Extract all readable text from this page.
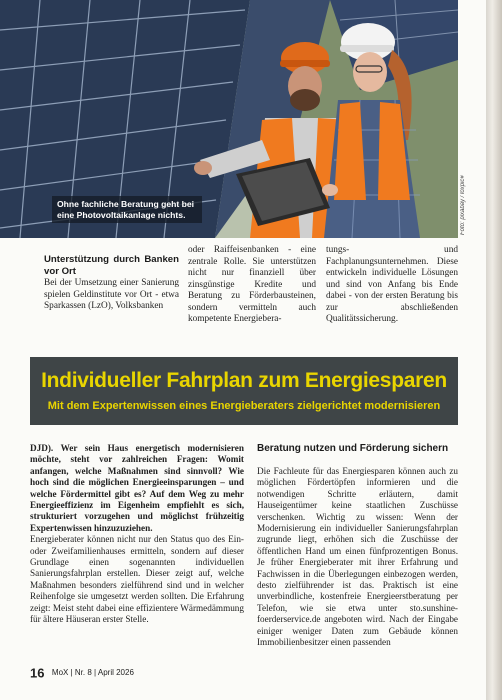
Ohne fachliche Beratung geht bei eine Photovoltaikanlage nichts.	Foto: pixabay / loxpic#
Unterstützung durch Banken vor Ort

Bei der Umsetzung einer Sanierung spielen Geldinstitute vor Ort - etwa Sparkassen (LzO), Volksbanken

oder Raiffeisenbanken - eine zentrale Rolle. Sie unterstützen nicht nur finanziell über zinsgünstige Kredite und Beratung zu Förderbausteinen, sondern vermitteln auch kompetente Energiebera-

tungs- und Fachplanungsunternehmen. Diese entwickeln individuelle Lösungen und sind von Anfang bis Ende dabei - von der ersten Beratung bis zur abschließenden Qualitätssicherung.

Individueller Fahrplan zum Energiesparen
Mit dem Expertenwissen eines Energieberaters zielgerichtet modernisieren

DJD). Wer sein Haus energetisch modernisieren möchte, steht vor zahlreichen Fragen: Womit anfangen, welche Maßnahmen sind sinnvoll? Wie hoch sind die möglichen Energieeinsparungen – und welche Fördermittel gibt es? Auf dem Weg zu mehr Energieeffizienz im Eigenheim empfiehlt es sich, strukturiert vorzugehen und möglichst frühzeitig Expertenwissen hinzuzuziehen.

Energieberater können nicht nur den Status quo des Ein- oder Zweifamilienhauses ermitteln, sondern auf dieser Grundlage einen sogenannten individuellen Sanierungsfahrplan erstellen. Dieser zeigt auf, welche Maßnahmen besonders zielführend sind und in welcher Reihenfolge sie umgesetzt werden sollten. Die Erfahrung zeigt: Meist steht dabei eine effizientere Wärmedämmung für ältere Häuseran erster Stelle.

Beratung nutzen und Förderung sichern

Die Fachleute für das Energiesparen können auch zu möglichen Fördertöpfen informieren und die notwendigen Schritte erläutern, damit Hauseigentümer keine staatlichen Zuschüsse verschenken. Wichtig zu wissen: Wenn der Modernisierung ein individueller Sanierungsfahrplan zugrunde liegt, erhöhen sich die Zuschüsse der öffentlichen Hand um einen fünfprozentigen Bonus. Je früher Energieberater mit ihrer Erfahrung und Fachwissen in die Überlegungen einbezogen werden, desto zielführender ist das. Praktisch ist eine unverbindliche, kostenfreie Energieerstberatung per Telefon, wie sie etwa unter sto.sunshine-foerderservice.de angeboten wird. Nach der Eingabe einiger weniger Daten zum Gebäude können Immobilienbesitzer einen passenden

16 MoX | Nr. 8 | April 2026
